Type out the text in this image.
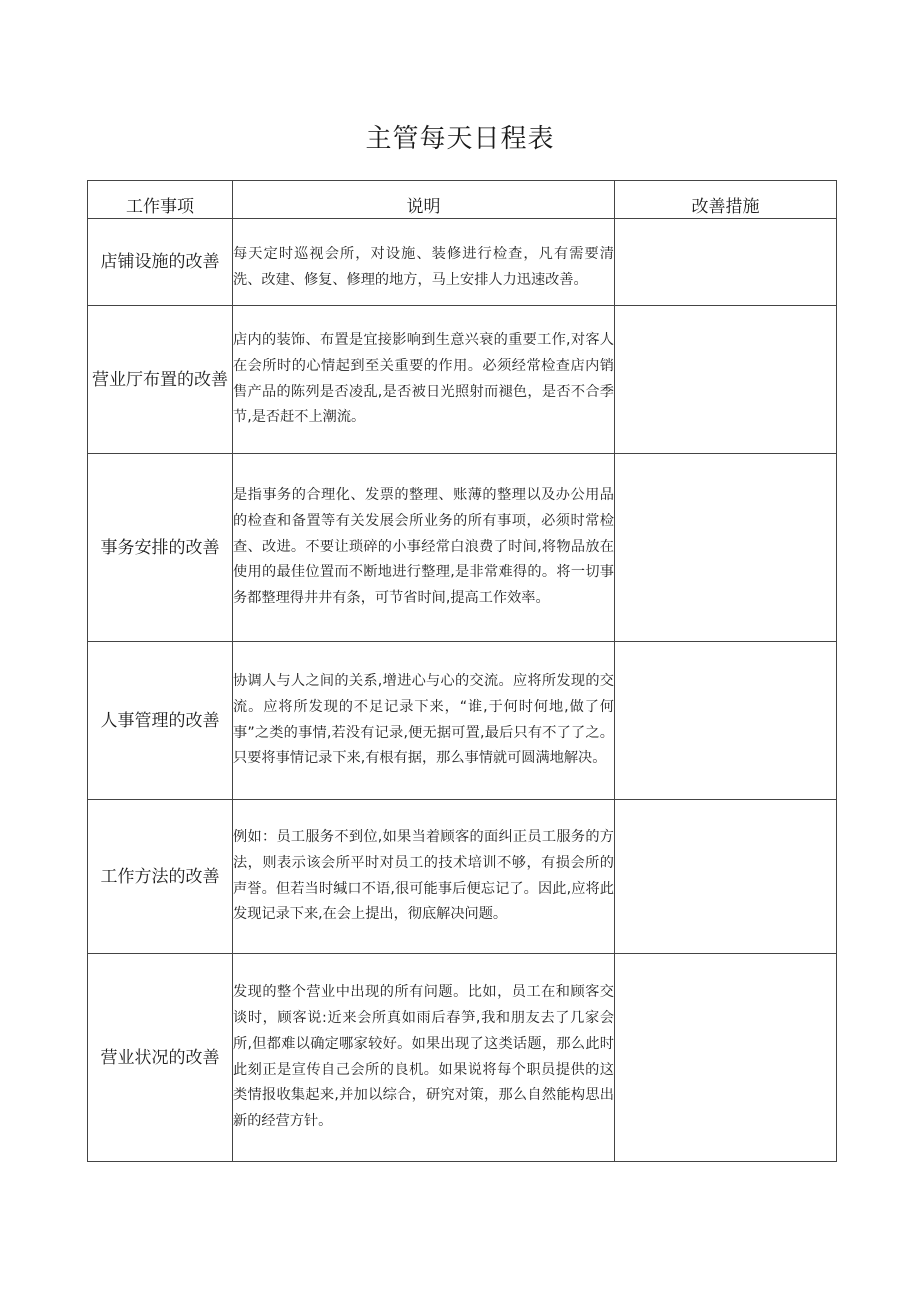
主管每天日程表
工作事项	说明	改善措施
店铺设施的改善	每天定时巡视会所，对设施、装修进行检查，凡有需要清洗、改建、修复、修理的地方，马上安排人力迅速改善。	
营业厅布置的改善	店内的装饰、布置是宜接影响到生意兴衰的重要工作,对客人在会所时的心情起到至关重要的作用。必须经常检查店内销售产品的陈列是否凌乱,是否被日光照射而褪色，是否不合季节,是否赶不上潮流。	
事务安排的改善	是指事务的合理化、发票的整理、账薄的整理以及办公用品的检查和备置等有关发展会所业务的所有事项，必须时常检查、改进。不要让琐碎的小事经常白浪费了时间,将物品放在使用的最佳位置而不断地进行整理,是非常难得的。将一切事务都整理得井井有条，可节省时间,提高工作效率。	
人事管理的改善	协调人与人之间的关系,增进心与心的交流。应将所发现的交流。应将所发现的不足记录下来，“谁,于何时何地,做了何事”之类的事情,若没有记录,便无据可置,最后只有不了了之。只要将事情记录下来,有根有据，那么事情就可圆满地解决。	
工作方法的改善	例如：员工服务不到位,如果当着顾客的面纠正员工服务的方法，则表示该会所平时对员工的技术培训不够，有损会所的声誉。但若当时缄口不语,很可能事后便忘记了。因此,应将此发现记录下来,在会上提出，彻底解决问题。	
营业状况的改善	发现的整个营业中出现的所有问题。比如，员工在和顾客交谈时，顾客说:近来会所真如雨后春笋,我和朋友去了几家会所,但都难以确定哪家较好。如果出现了这类话题，那么此时此刻正是宣传自己会所的良机。如果说将每个职员提供的这类情报收集起来,并加以综合，研究对策，那么自然能构思出新的经营方针。	
